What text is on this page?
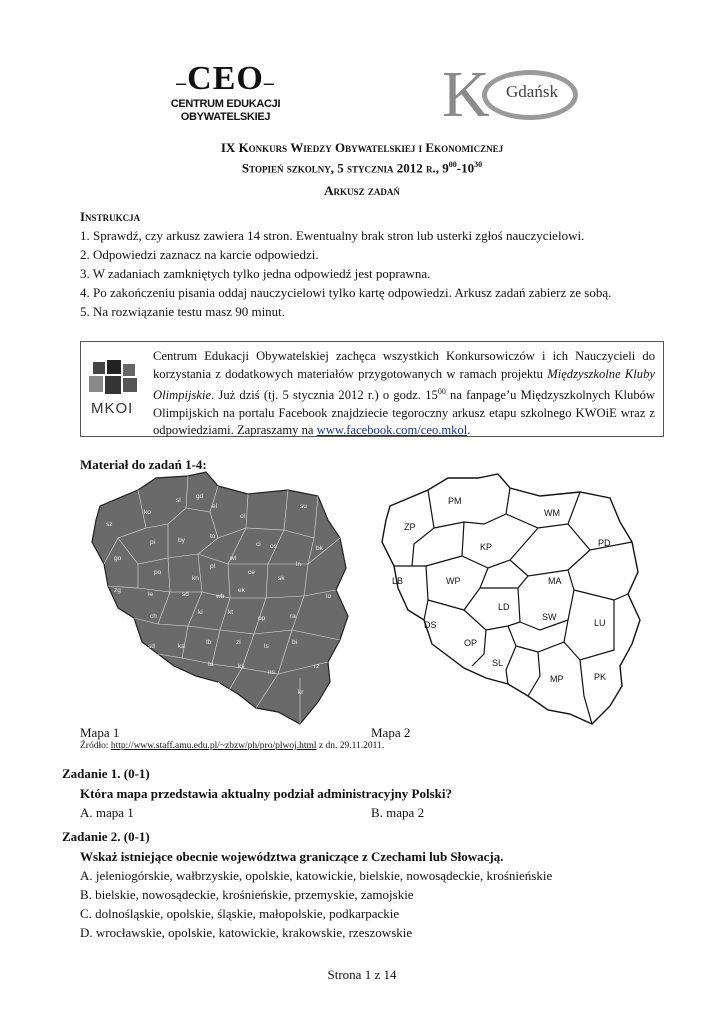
–CEO–
CENTRUM EDUKACJI
OBYWATELSKIEJ	K Gdańsk
IX Konkurs Wiedzy Obywatelskiej i Ekonomicznej
Stopień szkolny, 5 stycznia 2012 r., $9^{00}-10^{30}$
Arkusz zadań
Instrukcja
1. Sprawdź, czy arkusz zawiera 14 stron. Ewentualny brak stron lub usterki zgłoś nauczycielowi.
2. Odpowiedzi zaznacz na karcie odpowiedzi.
3. W zadaniach zamkniętych tylko jedna odpowiedź jest poprawna.
4. Po zakończeniu pisania oddaj nauczycielowi tylko kartę odpowiedzi. Arkusz zadań zabierz ze sobą.
5. Na rozwiązanie testu masz 90 minut.
MKOI
Centrum Edukacji Obywatelskiej zachęca wszystkich Konkursowiczów i ich Nauczycieli do korzystania z dodatkowych materiałów przygotowanych w ramach projektu Międzyszkolne Kluby Olimpijskie. Już dziś (tj. 5 stycznia 2012 r.) o godz. $15^{00}$ na fanpage’u Międzyszkolnych Klubów Olimpijskich na portalu Facebook znajdziecie tegoroczny arkusz etapu szkolnego KWOiE wraz z odpowiedziami. Zapraszamy na www.facebook.com/ceo.mkol.
Materiał do zadań 1-4:
sl
gd
el
ko
su
sz
ol
to
bk
by
ci os
pi
wl
ln
go
po
pl
ce
kn	sk
le
zg
sd
ek
wb	lo
bp	ch
ki	kt
op	ra
sd	ka
tb	zl
ls
bi
ta	ks
ns
kr
rz
PM
WM
ZP
KP	PD
LB	WP	MA
LD
DS	LU
SW
OP
SL
MP	PK
Mapa 1	Mapa 2
Źródło: http://www.staff.amu.edu.pl/~zbzw/ph/pro/plwoj.html z dn. 29.11.2011.
Zadanie 1. (0-1)
Która mapa przedstawia aktualny podział administracyjny Polski?
A. mapa 1	B. mapa 2
Zadanie 2. (0-1)
Wskaż istniejące obecnie województwa graniczące z Czechami lub Słowacją.
A. jeleniogórskie, wałbrzyskie, opolskie, katowickie, bielskie, nowosądeckie, krośnieńskie
B. bielskie, nowosądeckie, krośnieńskie, przemyskie, zamojskie
C. dolnośląskie, opolskie, śląskie, małopolskie, podkarpackie
D. wrocławskie, opolskie, katowickie, krakowskie, rzeszowskie
Strona 1 z 14
